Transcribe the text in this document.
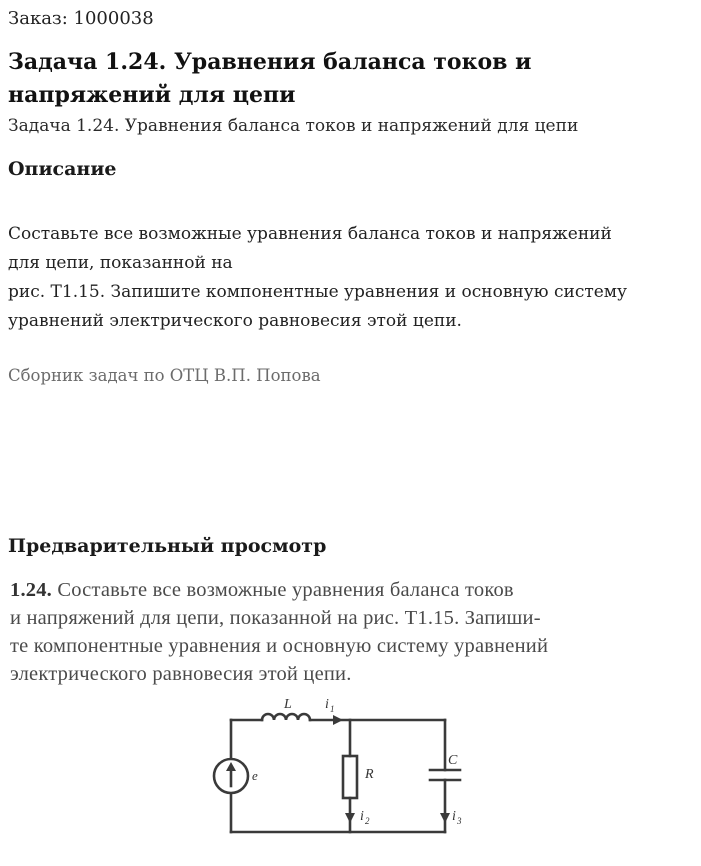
Заказ: 1000038
Задача 1.24. Уравнения баланса токов и напряжений для цепи
Задача 1.24. Уравнения баланса токов и напряжений для цепи
Описание
Составьте все возможные уравнения баланса токов и напряжений
для цепи, показанной на
рис. Т1.15. Запишите компонентные уравнения и основную систему
уравнений электрического равновесия этой цепи.
Сборник задач по ОТЦ В.П. Попова
Предварительный просмотр
1.24. Составьте все возможные уравнения баланса токов
и напряжений для цепи, показанной на рис. Т1.15. Запиши-
те компонентные уравнения и основную систему уравнений
электрического равновесия этой цепи.
L i 1
R
C
e
i 2	i 3
